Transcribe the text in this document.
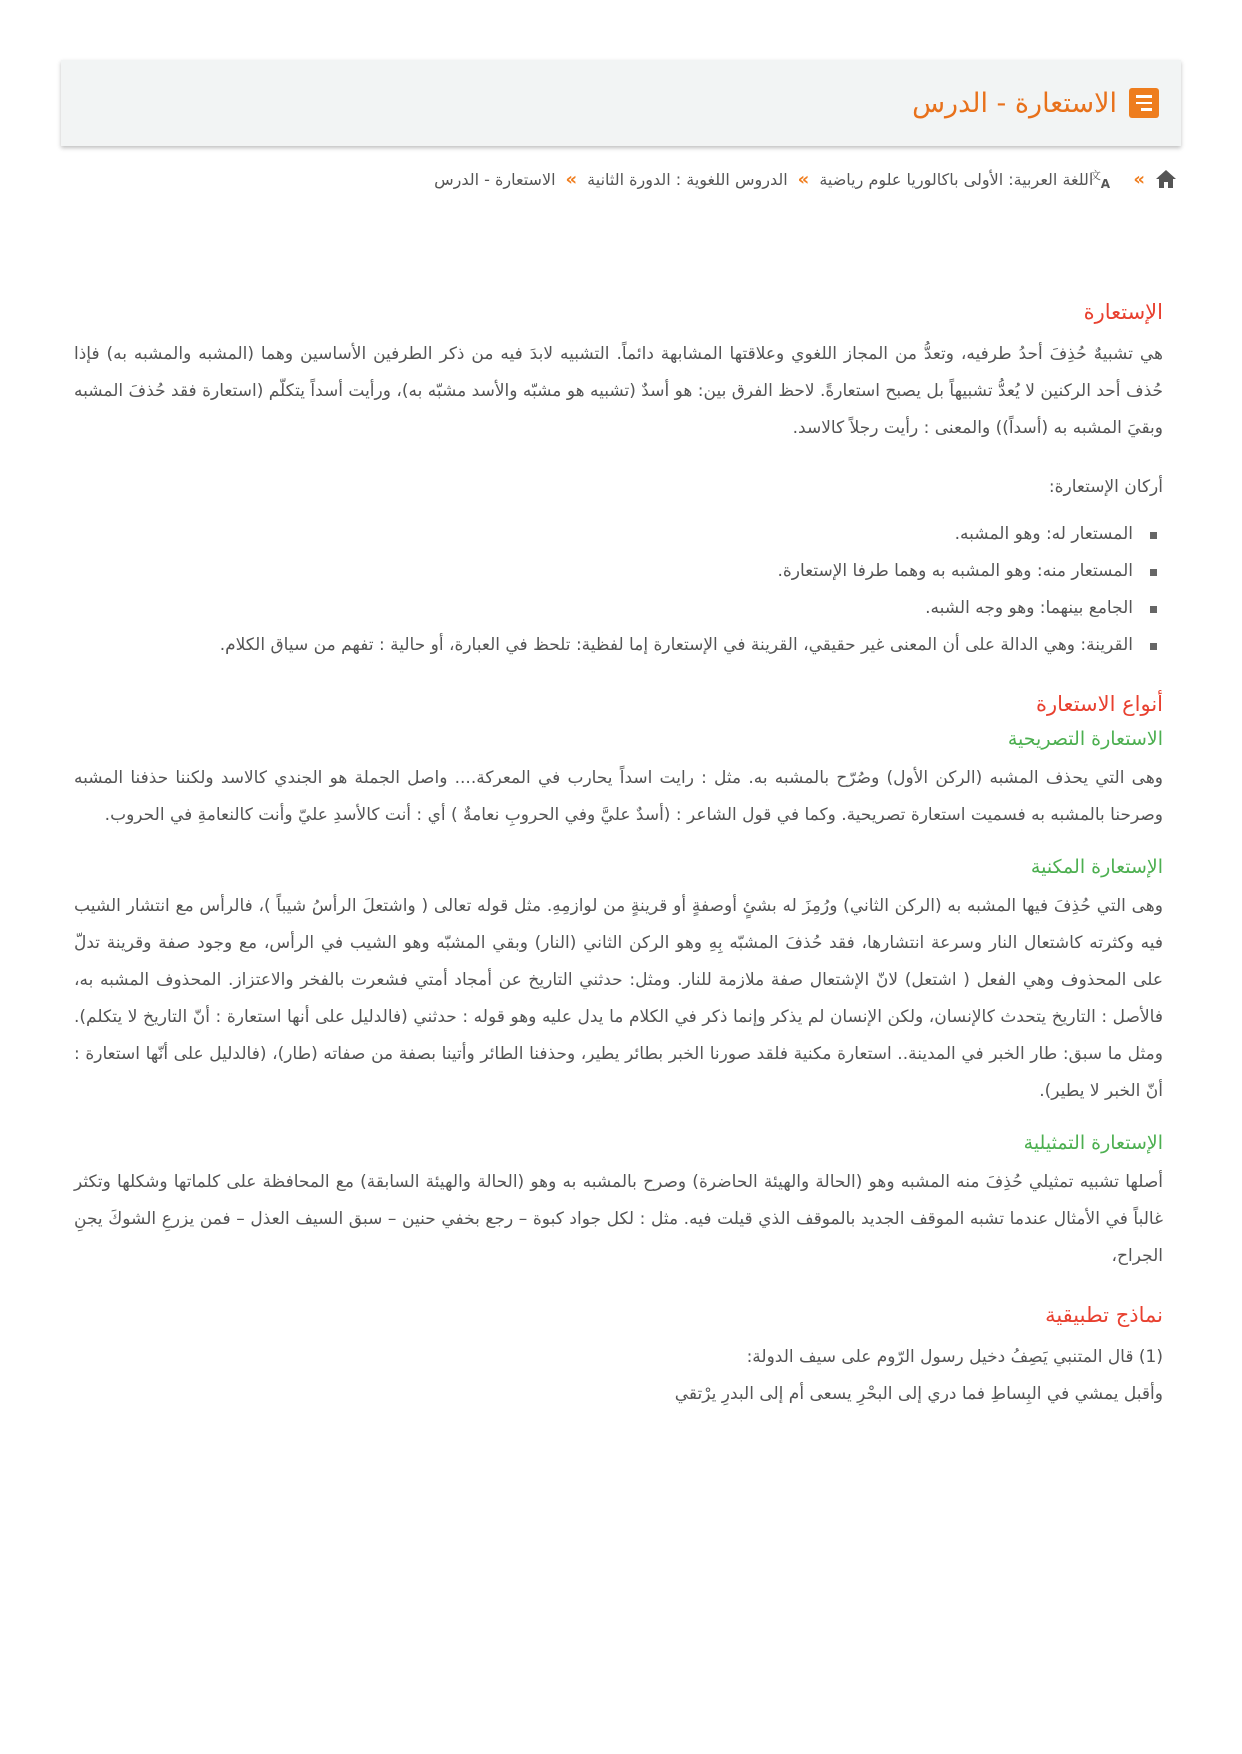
الاستعارة - الدرس
»
文
A
اللغة العربية: الأولى باكالوريا علوم رياضية
»
الدروس اللغوية : الدورة الثانية
»
الاستعارة - الدرس
الإستعارة

هي تشبيهٌ حُذِفَ أحدُ طرفيه، وتعدُّ من المجاز اللغوي وعلاقتها المشابهة دائماً. التشبيه لابدَ فيه من ذكر الطرفين الأساسين وهما (المشبه والمشبه به) فإذا حُذف أحد الركنين لا يُعدُّ تشبيهاً بل يصبح استعارةً. لاحظ الفرق بين: هو أسدٌ (تشبيه هو مشبّه والأسد مشبّه به)، ورأيت أسداً يتكلّم (استعارة فقد حُذفَ المشبه وبقيَ المشبه به (أسداً)) والمعنى : رأيت رجلاً كالاسد.

أركان الإستعارة:

المستعار له: وهو المشبه.
المستعار منه: وهو المشبه به وهما طرفا الإستعارة.
الجامع بينهما: وهو وجه الشبه.
القرينة: وهي الدالة على أن المعنى غير حقيقي، القرينة في الإستعارة إما لفظية: تلحظ في العبارة، أو حالية : تفهم من سياق الكلام.
أنواع الاستعارة
الاستعارة التصريحية

وهى التي يحذف المشبه (الركن الأول) وصُرّح بالمشبه به. مثل : رايت اسداً يحارب في المعركة.... واصل الجملة هو الجندي كالاسد ولكننا حذفنا المشبه وصرحنا بالمشبه به فسميت استعارة تصريحية. وكما في قول الشاعر : (أسدٌ عليَّ وفي الحروبِ نعامةٌ ) أي : أنت كالأسدِ عليّ وأنت كالنعامةِ في الحروب.

الإستعارة المكنية

وهى التي حُذِفَ فيها المشبه به (الركن الثاني) ورُمِزَ له بشئٍ أوصفةٍ أو قرينةٍ من لوازمِهِ. مثل قوله تعالى ( واشتعلَ الرأسُ شيباً )، فالرأس مع انتشار الشيب فيه وكثرته كاشتعال النار وسرعة انتشارها، فقد حُذفَ المشبّه بِهِ وهو الركن الثاني (النار) وبقي المشبّه وهو الشيب في الرأس، مع وجود صفة وقرينة تدلّ على المحذوف وهي الفعل ( اشتعل) لانّ الإشتعال صفة ملازمة للنار. ومثل: حدثني التاريخ عن أمجاد أمتي فشعرت بالفخر والاعتزاز. المحذوف المشبه به، فالأصل : التاريخ يتحدث كالإنسان، ولكن الإنسان لم يذكر وإنما ذكر في الكلام ما يدل عليه وهو قوله : حدثني (فالدليل على أنها استعارة : أنّ التاريخ لا يتكلم). ومثل ما سبق: طار الخبر في المدينة.. استعارة مكنية فلقد صورنا الخبر بطائر يطير، وحذفنا الطائر وأتينا بصفة من صفاته (طار)، (فالدليل على أنّها استعارة : أنّ الخبر لا يطير).

الإستعارة التمثيلية

أصلها تشبيه تمثيلي حُذِفَ منه المشبه وهو (الحالة والهيئة الحاضرة) وصرح بالمشبه به وهو (الحالة والهيئة السابقة) مع المحافظة على كلماتها وشكلها وتكثر غالباً في الأمثال عندما تشبه الموقف الجديد بالموقف الذي قيلت فيه. مثل : لكل جواد كبوة – رجع بخفي حنين – سبق السيف العذل – فمن يزرعِ الشوكَ يجنِ الجراح،

نماذج تطبيقية

(1) قال المتنبي يَصِفُ دخيل رسول الرّوم على سيف الدولة:

وأقبل يمشي في البِساطِ فما دري إلى البحْرِ يسعى أم إلى البدرِ يرْتقي
